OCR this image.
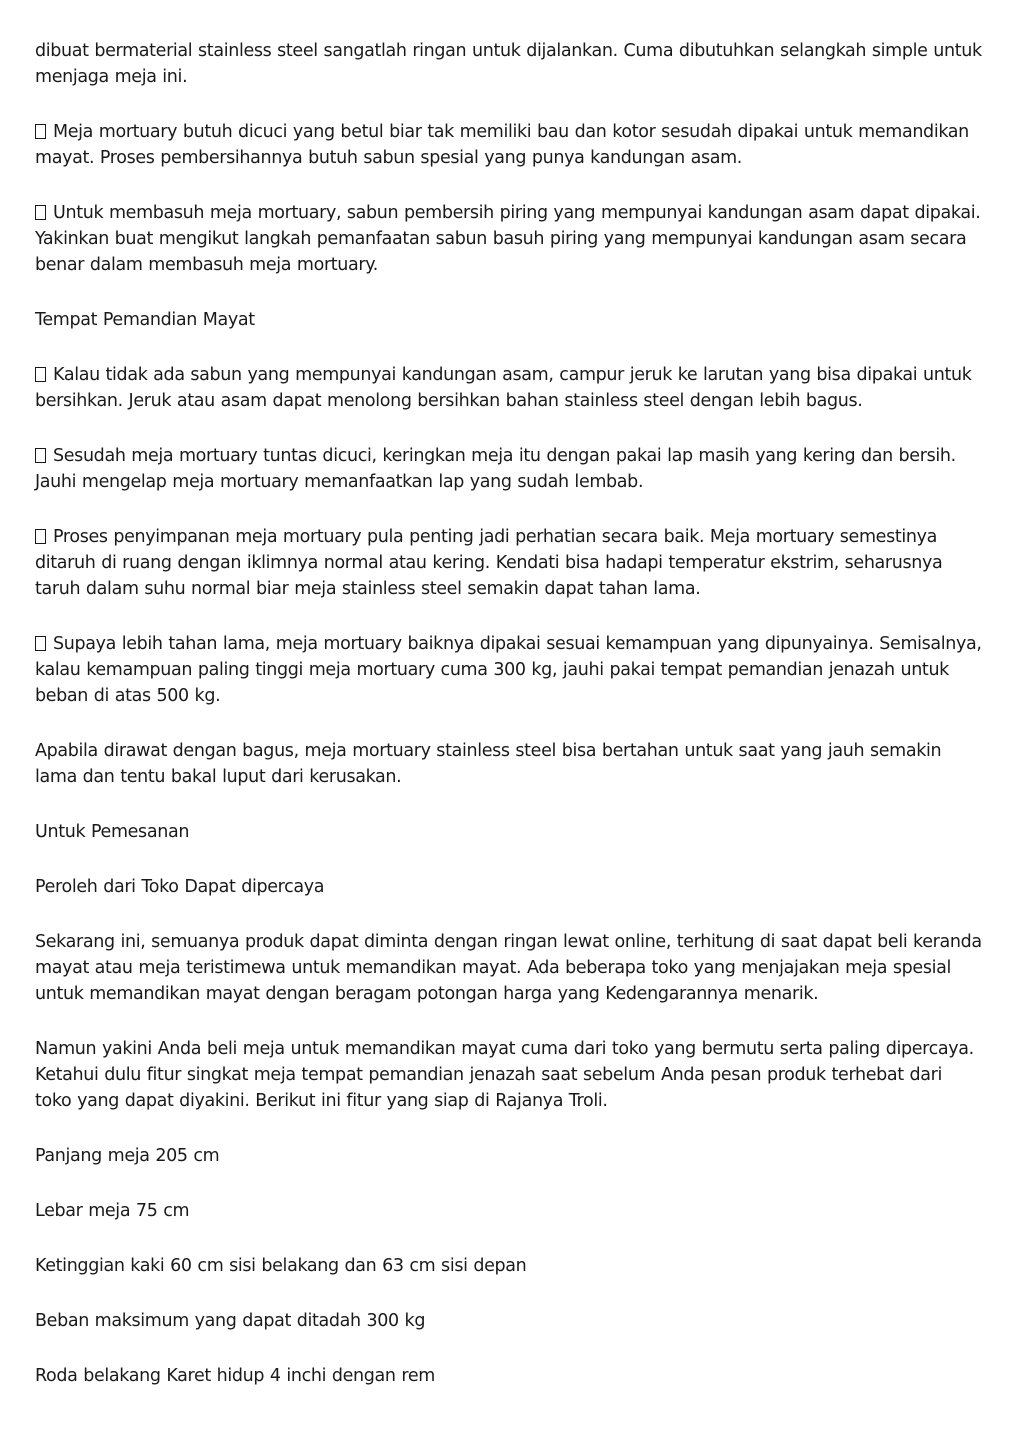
dibuat bermaterial stainless steel sangatlah ringan untuk dijalankan. Cuma dibutuhkan selangkah simple untuk menjaga meja ini.

Meja mortuary butuh dicuci yang betul biar tak memiliki bau dan kotor sesudah dipakai untuk memandikan mayat. Proses pembersihannya butuh sabun spesial yang punya kandungan asam.

Untuk membasuh meja mortuary, sabun pembersih piring yang mempunyai kandungan asam dapat dipakai. Yakinkan buat mengikut langkah pemanfaatan sabun basuh piring yang mempunyai kandungan asam secara benar dalam membasuh meja mortuary.

Tempat Pemandian Mayat

Kalau tidak ada sabun yang mempunyai kandungan asam, campur jeruk ke larutan yang bisa dipakai untuk bersihkan. Jeruk atau asam dapat menolong bersihkan bahan stainless steel dengan lebih bagus.

Sesudah meja mortuary tuntas dicuci, keringkan meja itu dengan pakai lap masih yang kering dan bersih. Jauhi mengelap meja mortuary memanfaatkan lap yang sudah lembab.

Proses penyimpanan meja mortuary pula penting jadi perhatian secara baik. Meja mortuary semestinya ditaruh di ruang dengan iklimnya normal atau kering. Kendati bisa hadapi temperatur ekstrim, seharusnya taruh dalam suhu normal biar meja stainless steel semakin dapat tahan lama.

Supaya lebih tahan lama, meja mortuary baiknya dipakai sesuai kemampuan yang dipunyainya. Semisalnya, kalau kemampuan paling tinggi meja mortuary cuma 300 kg, jauhi pakai tempat pemandian jenazah untuk beban di atas 500 kg.

Apabila dirawat dengan bagus, meja mortuary stainless steel bisa bertahan untuk saat yang jauh semakin lama dan tentu bakal luput dari kerusakan.

Untuk Pemesanan

Peroleh dari Toko Dapat dipercaya

Sekarang ini, semuanya produk dapat diminta dengan ringan lewat online, terhitung di saat dapat beli keranda mayat atau meja teristimewa untuk memandikan mayat. Ada beberapa toko yang menjajakan meja spesial untuk memandikan mayat dengan beragam potongan harga yang Kedengarannya menarik.

Namun yakini Anda beli meja untuk memandikan mayat cuma dari toko yang bermutu serta paling dipercaya. Ketahui dulu fitur singkat meja tempat pemandian jenazah saat sebelum Anda pesan produk terhebat dari toko yang dapat diyakini. Berikut ini fitur yang siap di Rajanya Troli.

Panjang meja 205 cm

Lebar meja 75 cm

Ketinggian kaki 60 cm sisi belakang dan 63 cm sisi depan

Beban maksimum yang dapat ditadah 300 kg

Roda belakang Karet hidup 4 inchi dengan rem
